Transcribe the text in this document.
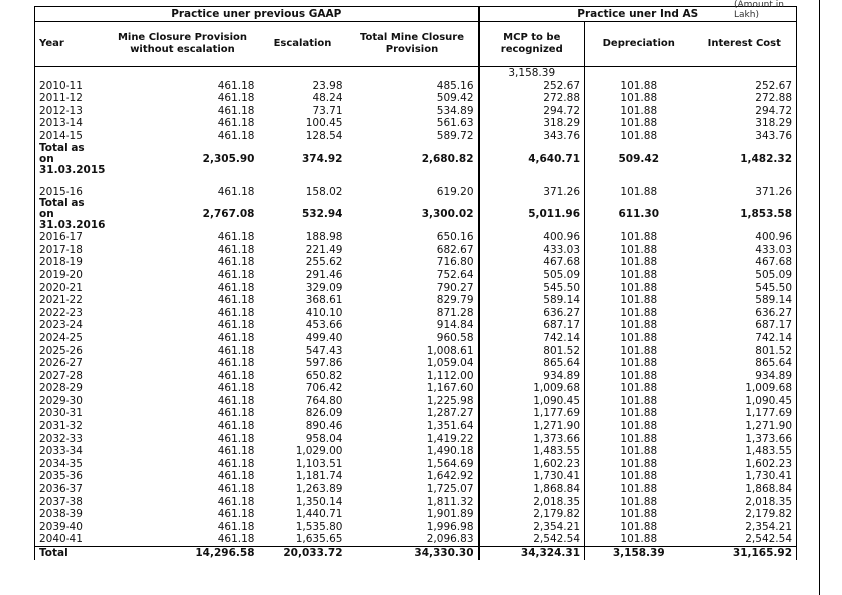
(Amount in Lakh)
Practice uner previous GAAP				Practice uner Ind AS		
Year	Mine Closure Provision without escalation	Escalation	Total Mine Closure Provision	MCP to be recognized	Depreciation	Interest Cost
				3,158.39		
2010-11	461.18	23.98	485.16	252.67	101.88	252.67
2011-12	461.18	48.24	509.42	272.88	101.88	272.88
2012-13	461.18	73.71	534.89	294.72	101.88	294.72
2013-14	461.18	100.45	561.63	318.29	101.88	318.29
2014-15	461.18	128.54	589.72	343.76	101.88	343.76
Total as on 31.03.2015	2,305.90	374.92	2,680.82	4,640.71	509.42	1,482.32

2015-16	461.18	158.02	619.20	371.26	101.88	371.26
Total as on 31.03.2016	2,767.08	532.94	3,300.02	5,011.96	611.30	1,853.58
2016-17	461.18	188.98	650.16	400.96	101.88	400.96
2017-18	461.18	221.49	682.67	433.03	101.88	433.03
2018-19	461.18	255.62	716.80	467.68	101.88	467.68
2019-20	461.18	291.46	752.64	505.09	101.88	505.09
2020-21	461.18	329.09	790.27	545.50	101.88	545.50
2021-22	461.18	368.61	829.79	589.14	101.88	589.14
2022-23	461.18	410.10	871.28	636.27	101.88	636.27
2023-24	461.18	453.66	914.84	687.17	101.88	687.17
2024-25	461.18	499.40	960.58	742.14	101.88	742.14
2025-26	461.18	547.43	1,008.61	801.52	101.88	801.52
2026-27	461.18	597.86	1,059.04	865.64	101.88	865.64
2027-28	461.18	650.82	1,112.00	934.89	101.88	934.89
2028-29	461.18	706.42	1,167.60	1,009.68	101.88	1,009.68
2029-30	461.18	764.80	1,225.98	1,090.45	101.88	1,090.45
2030-31	461.18	826.09	1,287.27	1,177.69	101.88	1,177.69
2031-32	461.18	890.46	1,351.64	1,271.90	101.88	1,271.90
2032-33	461.18	958.04	1,419.22	1,373.66	101.88	1,373.66
2033-34	461.18	1,029.00	1,490.18	1,483.55	101.88	1,483.55
2034-35	461.18	1,103.51	1,564.69	1,602.23	101.88	1,602.23
2035-36	461.18	1,181.74	1,642.92	1,730.41	101.88	1,730.41
2036-37	461.18	1,263.89	1,725.07	1,868.84	101.88	1,868.84
2037-38	461.18	1,350.14	1,811.32	2,018.35	101.88	2,018.35
2038-39	461.18	1,440.71	1,901.89	2,179.82	101.88	2,179.82
2039-40	461.18	1,535.80	1,996.98	2,354.21	101.88	2,354.21
2040-41	461.18	1,635.65	2,096.83	2,542.54	101.88	2,542.54
Total	14,296.58	20,033.72	34,330.30	34,324.31	3,158.39	31,165.92
